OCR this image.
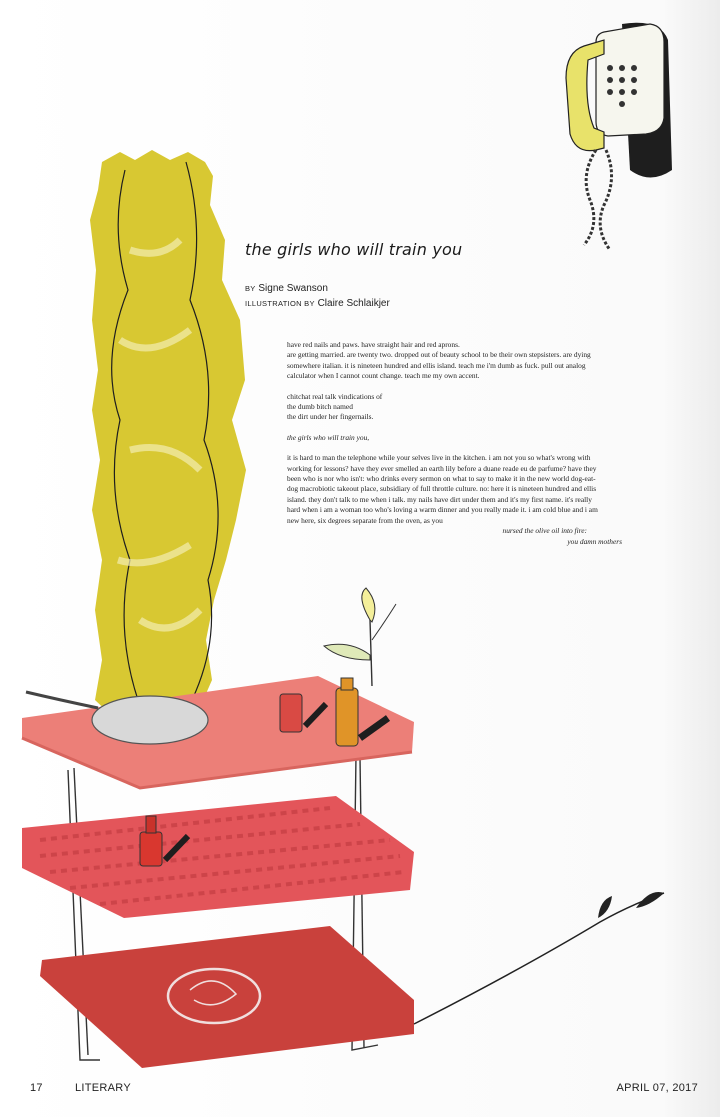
the girls who will train you
BY Signe Swanson
ILLUSTRATION BY Claire Schlaikjer

have red nails and paws. have straight hair and red aprons.

are getting married. are twenty two. dropped out of beauty school to be their own stepsisters. are dying

somewhere italian. it is nineteen hundred and ellis island. teach me i'm dumb as fuck. pull out analog

calculator when I cannot count change. teach me my own accent.

chitchat real talk vindications of

the dumb bitch named

the dirt under her fingernails.

the girls who will train you,

it is hard to man the telephone while your selves live in the kitchen. i am not you so what's wrong with

working for lessons? have they ever smelled an earth lily before a duane reade eu de parfume? have they

been who is nor who isn't: who drinks every sermon on what to say to make it in the new world dog-eat-

dog macrobiotic takeout place, subsidiary of full throttle culture. no: here it is nineteen hundred and ellis

island. they don't talk to me when i talk. my nails have dirt under them and it's my first name. it's really

hard when i am a woman too who's loving a warm dinner and you really made it. i am cold blue and i am

new here, six degrees separate from the oven, as you

nursed the olive oil into fire:

you damn mothers

17	LITERARY	APRIL 07, 2017
